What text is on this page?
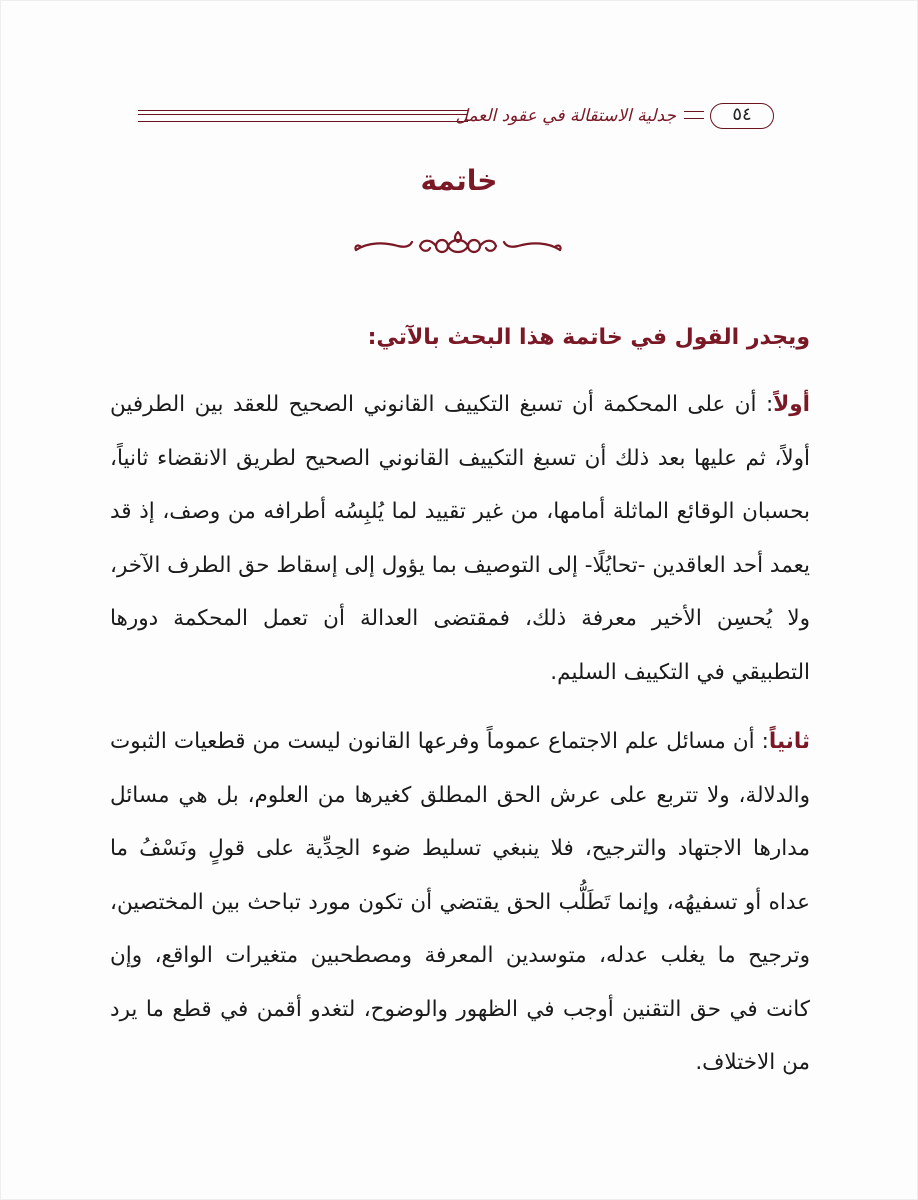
جدلية الاستقالة في عقود العمل	٥٤
خاتمة

ويجدر القول في خاتمة هذا البحث بالآتي:

أولاً: أن على المحكمة أن تسبغ التكييف القانوني الصحيح للعقد بين الطرفين أولاً، ثم عليها بعد ذلك أن تسبغ التكييف القانوني الصحيح لطريق الانقضاء ثانياً، بحسبان الوقائع الماثلة أمامها، من غير تقييد لما يُلبِسُه أطرافه من وصف، إذ قد يعمد أحد العاقدين -تحايُلًا- إلى التوصيف بما يؤول إلى إسقاط حق الطرف الآخر، ولا يُحسِن الأخير معرفة ذلك، فمقتضى العدالة أن تعمل المحكمة دورها التطبيقي في التكييف السليم.

ثانياً: أن مسائل علم الاجتماع عموماً وفرعها القانون ليست من قطعيات الثبوت والدلالة، ولا تتربع على عرش الحق المطلق كغيرها من العلوم، بل هي مسائل مدارها الاجتهاد والترجيح، فلا ينبغي تسليط ضوء الحِدِّية على قولٍ ونَسْفُ ما عداه أو تسفيهُه، وإنما تَطَلُّب الحق يقتضي أن تكون مورد تباحث بين المختصين، وترجيح ما يغلب عدله، متوسدين المعرفة ومصطحبين متغيرات الواقع، وإن كانت في حق التقنين أوجب في الظهور والوضوح، لتغدو أقمن في قطع ما يرد من الاختلاف.
